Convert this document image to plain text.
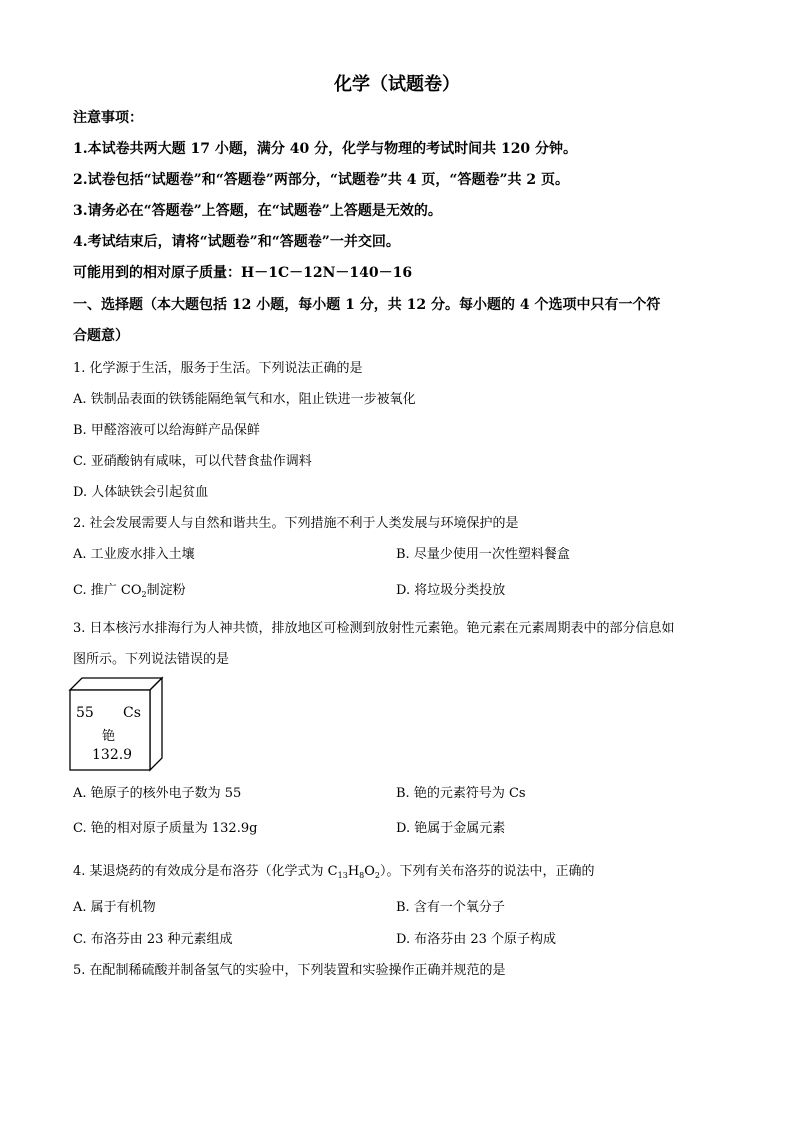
化学（试题卷）
注意事项：
1.本试卷共两大题 17 小题，满分 40 分，化学与物理的考试时间共 120 分钟。
2.试卷包括“试题卷”和“答题卷”两部分，“试题卷”共 4 页，“答题卷”共 2 页。
3.请务必在“答题卷”上答题，在“试题卷”上答题是无效的。
4.考试结束后，请将“试题卷”和“答题卷”一并交回。
可能用到的相对原子质量：H－1C－12N－140－16
一、选择题（本大题包括 12 小题，每小题 1 分，共 12 分。每小题的 4 个选项中只有一个符
合题意）
1. 化学源于生活，服务于生活。下列说法正确的是
A. 铁制品表面的铁锈能隔绝氧气和水，阻止铁进一步被氧化
B. 甲醛溶液可以给海鲜产品保鲜
C. 亚硝酸钠有咸味，可以代替食盐作调料
D. 人体缺铁会引起贫血
2. 社会发展需要人与自然和谐共生。下列措施不利于人类发展与环境保护的是
A. 工业废水排入土壤	B. 尽量少使用一次性塑料餐盒
C. 推广 $CO_2$制淀粉	D. 将垃圾分类投放
3. 日本核污水排海行为人神共愤，排放地区可检测到放射性元素铯。铯元素在元素周期表中的部分信息如
图所示。下列说法错误的是
55 Cs
铯
132.9
A. 铯原子的核外电子数为 55	B. 铯的元素符号为 Cs
C. 铯的相对原子质量为 132.9g	D. 铯属于金属元素
4. 某退烧药的有效成分是布洛芬（化学式为 $C_{13}H_8O_2$）。下列有关布洛芬的说法中，正确的
A. 属于有机物	B. 含有一个氧分子
C. 布洛芬由 23 种元素组成	D. 布洛芬由 23 个原子构成
5. 在配制稀硫酸并制备氢气的实验中，下列装置和实验操作正确并规范的是
